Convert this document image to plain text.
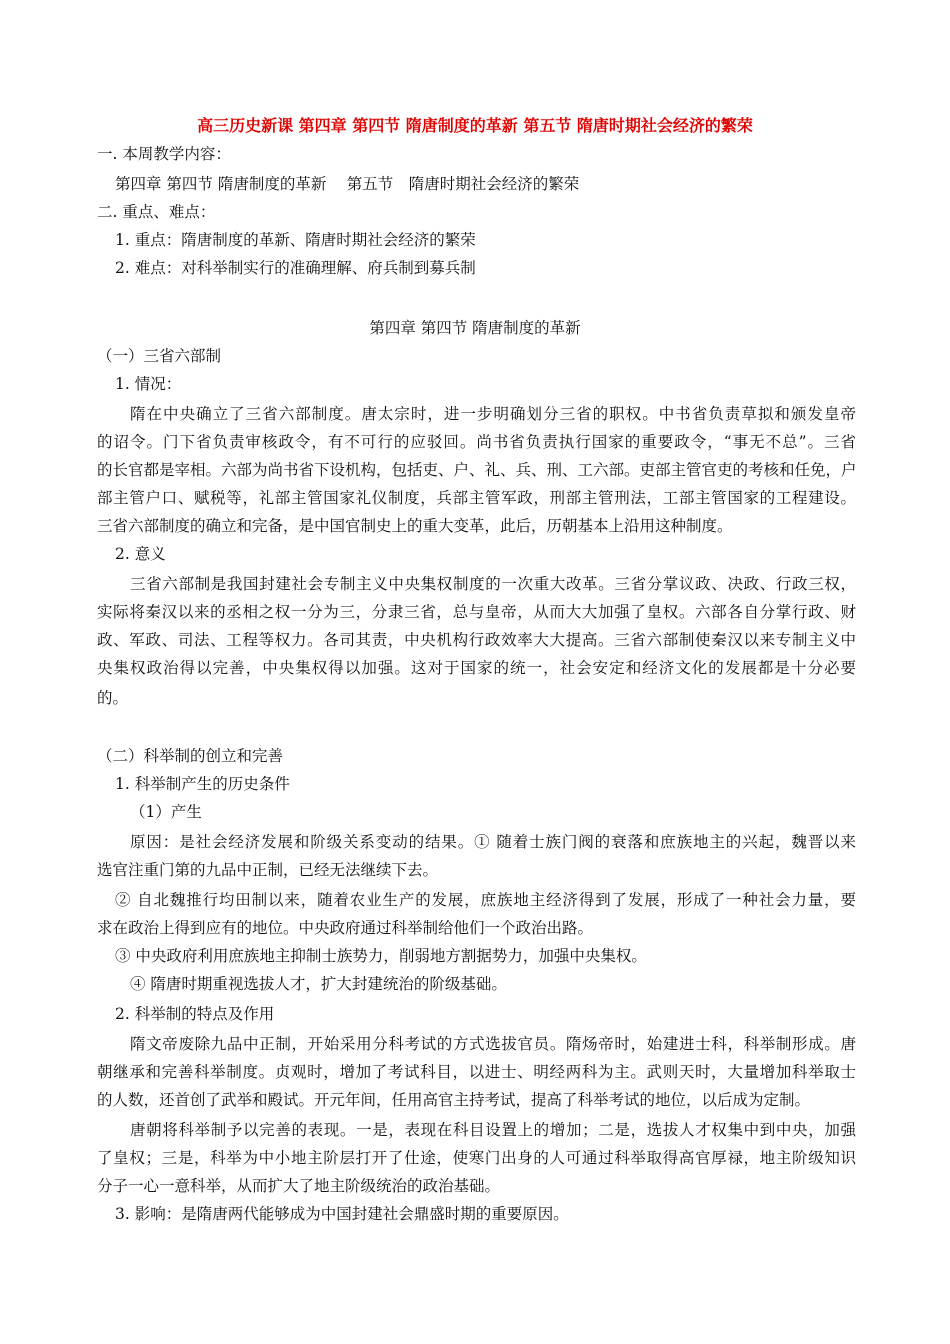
高三历史新课 第四章 第四节 隋唐制度的革新 第五节 隋唐时期社会经济的繁荣
一. 本周教学内容：
第四章 第四节 隋唐制度的革新　 第五节　隋唐时期社会经济的繁荣
二. 重点、难点：
1. 重点：隋唐制度的革新、隋唐时期社会经济的繁荣
2. 难点：对科举制实行的准确理解、府兵制到募兵制
第四章 第四节 隋唐制度的革新
（一）三省六部制
1. 情况：
隋在中央确立了三省六部制度。唐太宗时，进一步明确划分三省的职权。中书省负责草拟和颁发皇帝
的诏令。门下省负责审核政令，有不可行的应驳回。尚书省负责执行国家的重要政令，“事无不总”。三省
的长官都是宰相。六部为尚书省下设机构，包括吏、户、礼、兵、刑、工六部。吏部主管官吏的考核和任免，户
部主管户口、赋税等，礼部主管国家礼仪制度，兵部主管军政，刑部主管刑法，工部主管国家的工程建设。
三省六部制度的确立和完备，是中国官制史上的重大变革，此后，历朝基本上沿用这种制度。
2. 意义
三省六部制是我国封建社会专制主义中央集权制度的一次重大改革。三省分掌议政、决政、行政三权，
实际将秦汉以来的丞相之权一分为三，分隶三省，总与皇帝，从而大大加强了皇权。六部各自分掌行政、财
政、军政、司法、工程等权力。各司其责，中央机构行政效率大大提高。三省六部制使秦汉以来专制主义中
央集权政治得以完善，中央集权得以加强。这对于国家的统一，社会安定和经济文化的发展都是十分必要
的。
（二）科举制的创立和完善
1. 科举制产生的历史条件
（1）产生
原因：是社会经济发展和阶级关系变动的结果。① 随着士族门阀的衰落和庶族地主的兴起，魏晋以来
选官注重门第的九品中正制，已经无法继续下去。
② 自北魏推行均田制以来，随着农业生产的发展，庶族地主经济得到了发展，形成了一种社会力量，要
求在政治上得到应有的地位。中央政府通过科举制给他们一个政治出路。
③ 中央政府利用庶族地主抑制士族势力，削弱地方割据势力，加强中央集权。
④ 隋唐时期重视选拔人才，扩大封建统治的阶级基础。
2. 科举制的特点及作用
隋文帝废除九品中正制，开始采用分科考试的方式选拔官员。隋炀帝时，始建进士科，科举制形成。唐
朝继承和完善科举制度。贞观时，增加了考试科目，以进士、明经两科为主。武则天时，大量增加科举取士
的人数，还首创了武举和殿试。开元年间，任用高官主持考试，提高了科举考试的地位，以后成为定制。
唐朝将科举制予以完善的表现。一是，表现在科目设置上的增加；二是，选拔人才权集中到中央，加强
了皇权；三是，科举为中小地主阶层打开了仕途，使寒门出身的人可通过科举取得高官厚禄，地主阶级知识
分子一心一意科举，从而扩大了地主阶级统治的政治基础。
3. 影响：是隋唐两代能够成为中国封建社会鼎盛时期的重要原因。
